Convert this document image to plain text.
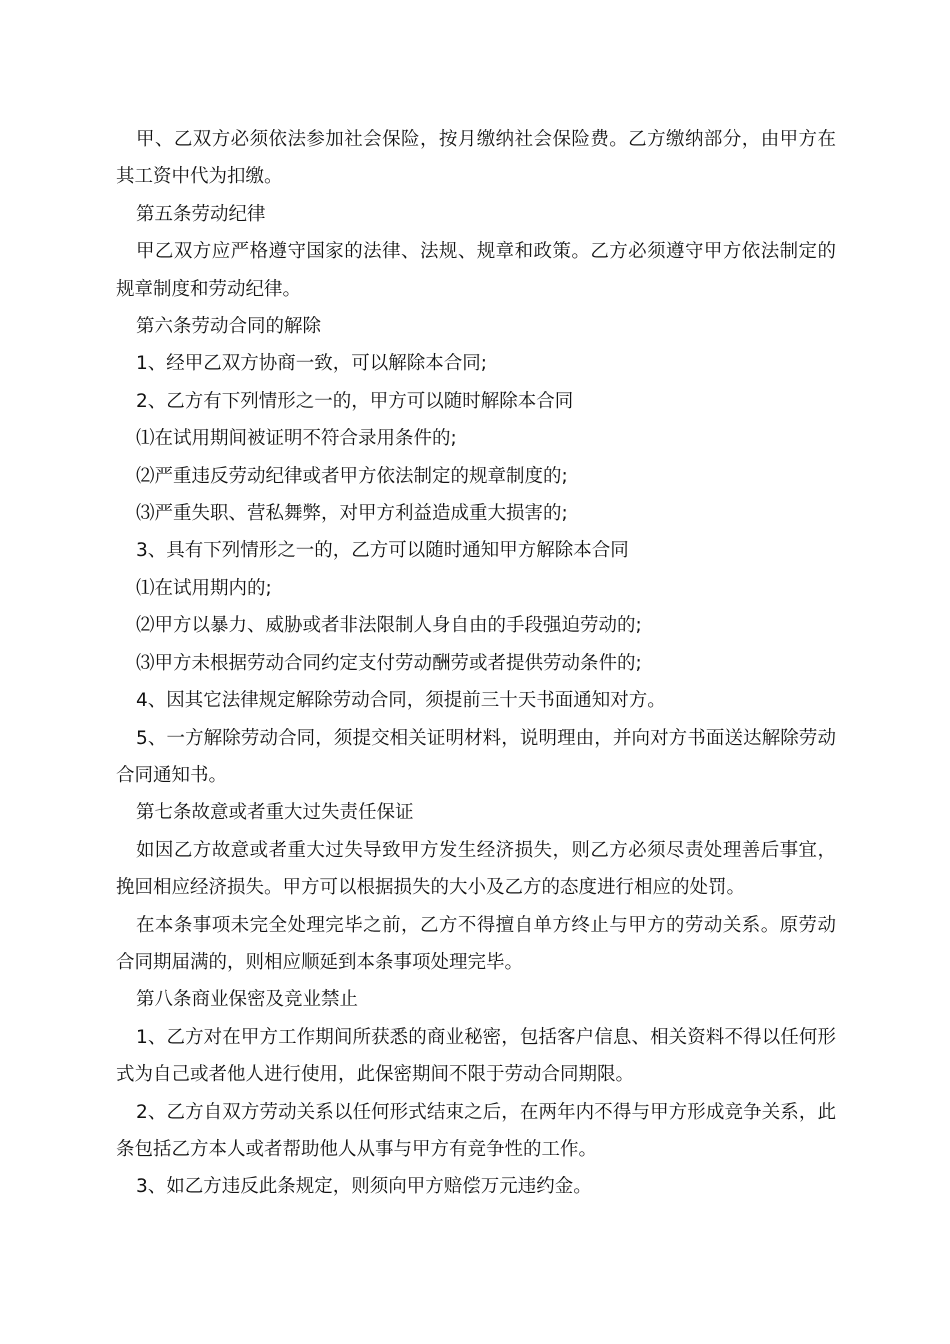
甲、乙双方必须依法参加社会保险，按月缴纳社会保险费。乙方缴纳部分，由甲方在其工资中代为扣缴。

第五条劳动纪律

甲乙双方应严格遵守国家的法律、法规、规章和政策。乙方必须遵守甲方依法制定的规章制度和劳动纪律。

第六条劳动合同的解除

1、经甲乙双方协商一致，可以解除本合同;

2、乙方有下列情形之一的，甲方可以随时解除本合同

⑴在试用期间被证明不符合录用条件的;

⑵严重违反劳动纪律或者甲方依法制定的规章制度的;

⑶严重失职、营私舞弊，对甲方利益造成重大损害的;

3、具有下列情形之一的，乙方可以随时通知甲方解除本合同

⑴在试用期内的;

⑵甲方以暴力、威胁或者非法限制人身自由的手段强迫劳动的;

⑶甲方未根据劳动合同约定支付劳动酬劳或者提供劳动条件的;

4、因其它法律规定解除劳动合同，须提前三十天书面通知对方。

5、一方解除劳动合同，须提交相关证明材料，说明理由，并向对方书面送达解除劳动合同通知书。

第七条故意或者重大过失责任保证

如因乙方故意或者重大过失导致甲方发生经济损失，则乙方必须尽责处理善后事宜，挽回相应经济损失。甲方可以根据损失的大小及乙方的态度进行相应的处罚。

在本条事项未完全处理完毕之前，乙方不得擅自单方终止与甲方的劳动关系。原劳动合同期届满的，则相应顺延到本条事项处理完毕。

第八条商业保密及竞业禁止

1、乙方对在甲方工作期间所获悉的商业秘密，包括客户信息、相关资料不得以任何形式为自己或者他人进行使用，此保密期间不限于劳动合同期限。

2、乙方自双方劳动关系以任何形式结束之后，在两年内不得与甲方形成竞争关系，此条包括乙方本人或者帮助他人从事与甲方有竞争性的工作。

3、如乙方违反此条规定，则须向甲方赔偿万元违约金。
